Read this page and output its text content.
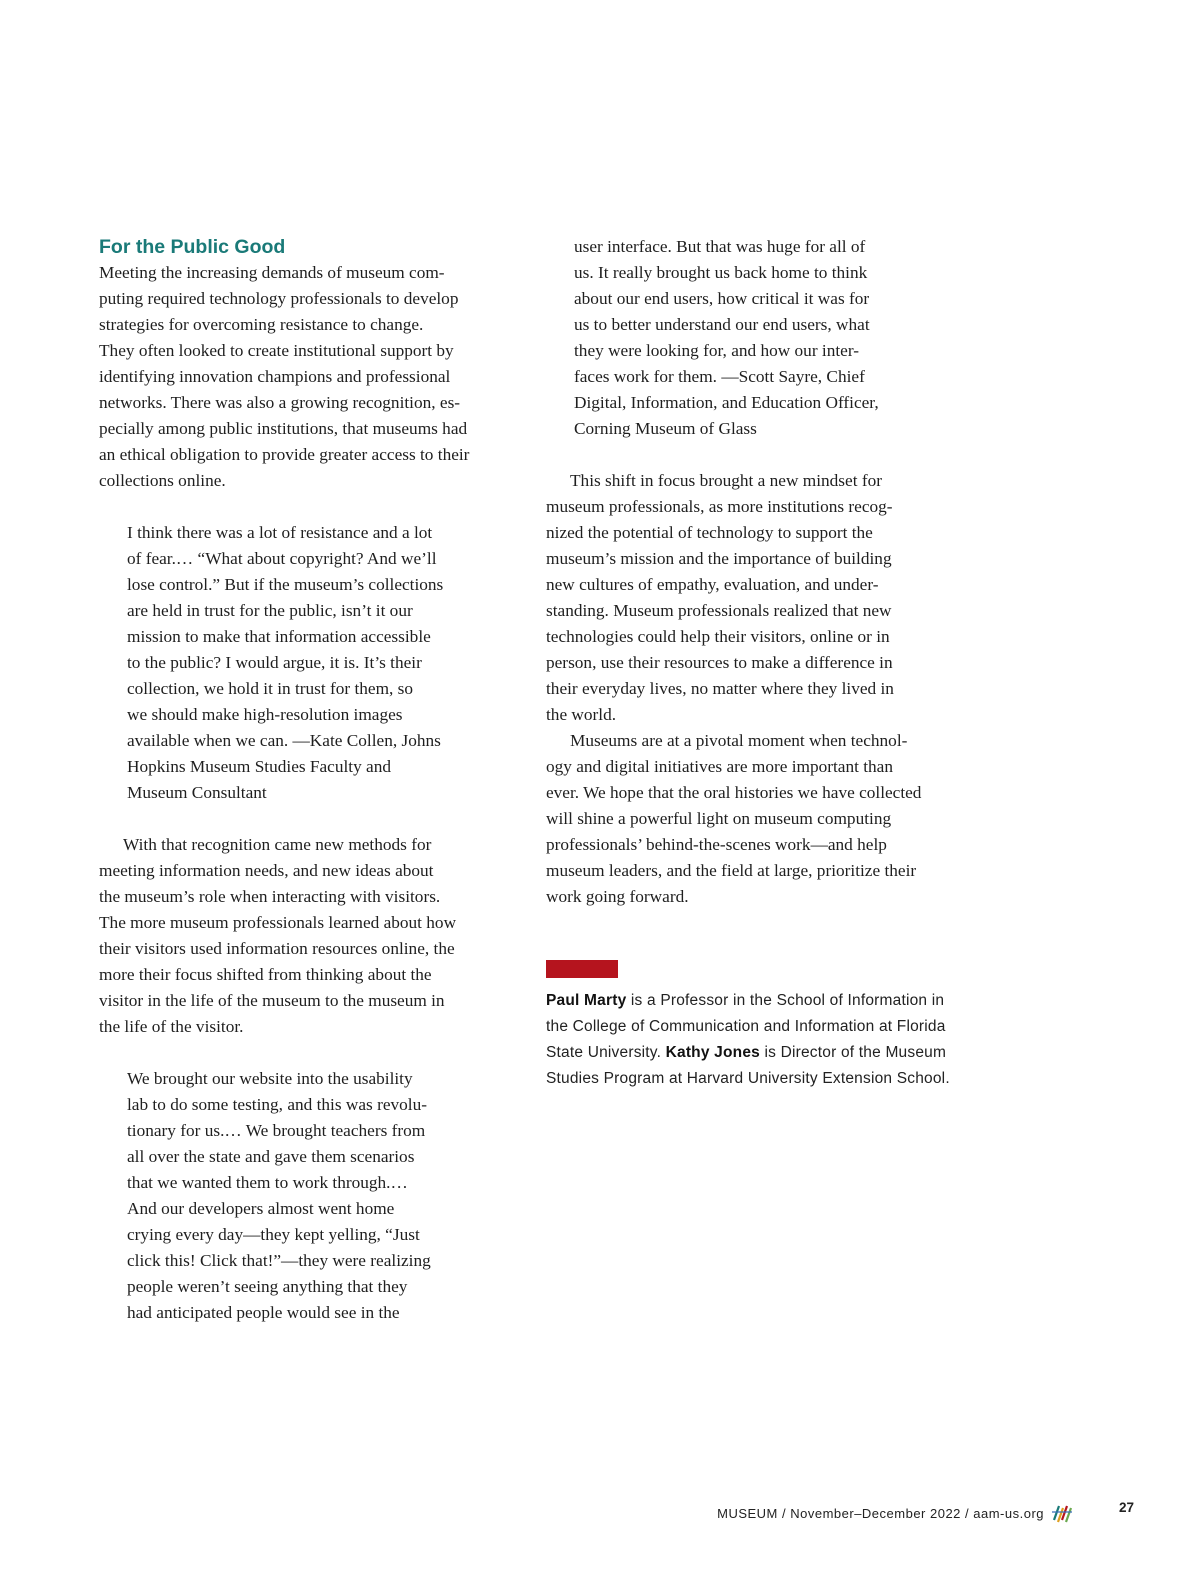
For the Public Good

Meeting the increasing demands of museum com-
puting required technology professionals to develop
strategies for overcoming resistance to change.
They often looked to create institutional support by
identifying innovation champions and professional
networks. There was also a growing recognition, es-
pecially among public institutions, that museums had
an ethical obligation to provide greater access to their
collections online.

I think there was a lot of resistance and a lot
of fear.… “What about copyright? And we’ll
lose control.” But if the museum’s collections
are held in trust for the public, isn’t it our
mission to make that information accessible
to the public? I would argue, it is. It’s their
collection, we hold it in trust for them, so
we should make high-resolution images
available when we can. —Kate Collen, Johns
Hopkins Museum Studies Faculty and
Museum Consultant

With that recognition came new methods for
meeting information needs, and new ideas about
the museum’s role when interacting with visitors.
The more museum professionals learned about how
their visitors used information resources online, the
more their focus shifted from thinking about the
visitor in the life of the museum to the museum in
the life of the visitor.

We brought our website into the usability
lab to do some testing, and this was revolu-
tionary for us.… We brought teachers from
all over the state and gave them scenarios
that we wanted them to work through.…
And our developers almost went home
crying every day—they kept yelling, “Just
click this! Click that!”—they were realizing
people weren’t seeing anything that they
had anticipated people would see in the

user interface. But that was huge for all of
us. It really brought us back home to think
about our end users, how critical it was for
us to better understand our end users, what
they were looking for, and how our inter-
faces work for them. —Scott Sayre, Chief
Digital, Information, and Education Officer,
Corning Museum of Glass

This shift in focus brought a new mindset for
museum professionals, as more institutions recog-
nized the potential of technology to support the
museum’s mission and the importance of building
new cultures of empathy, evaluation, and under-
standing. Museum professionals realized that new
technologies could help their visitors, online or in
person, use their resources to make a difference in
their everyday lives, no matter where they lived in
the world.

Museums are at a pivotal moment when technol-
ogy and digital initiatives are more important than
ever. We hope that the oral histories we have collected
will shine a powerful light on museum computing
professionals’ behind-the-scenes work—and help
museum leaders, and the field at large, prioritize their
work going forward.

Paul Marty is a Professor in the School of Information in the College of Communication and Information at Florida State University. Kathy Jones is Director of the Museum Studies Program at Harvard University Extension School.

MUSEUM / November–December 2022 / aam-us.org	27
